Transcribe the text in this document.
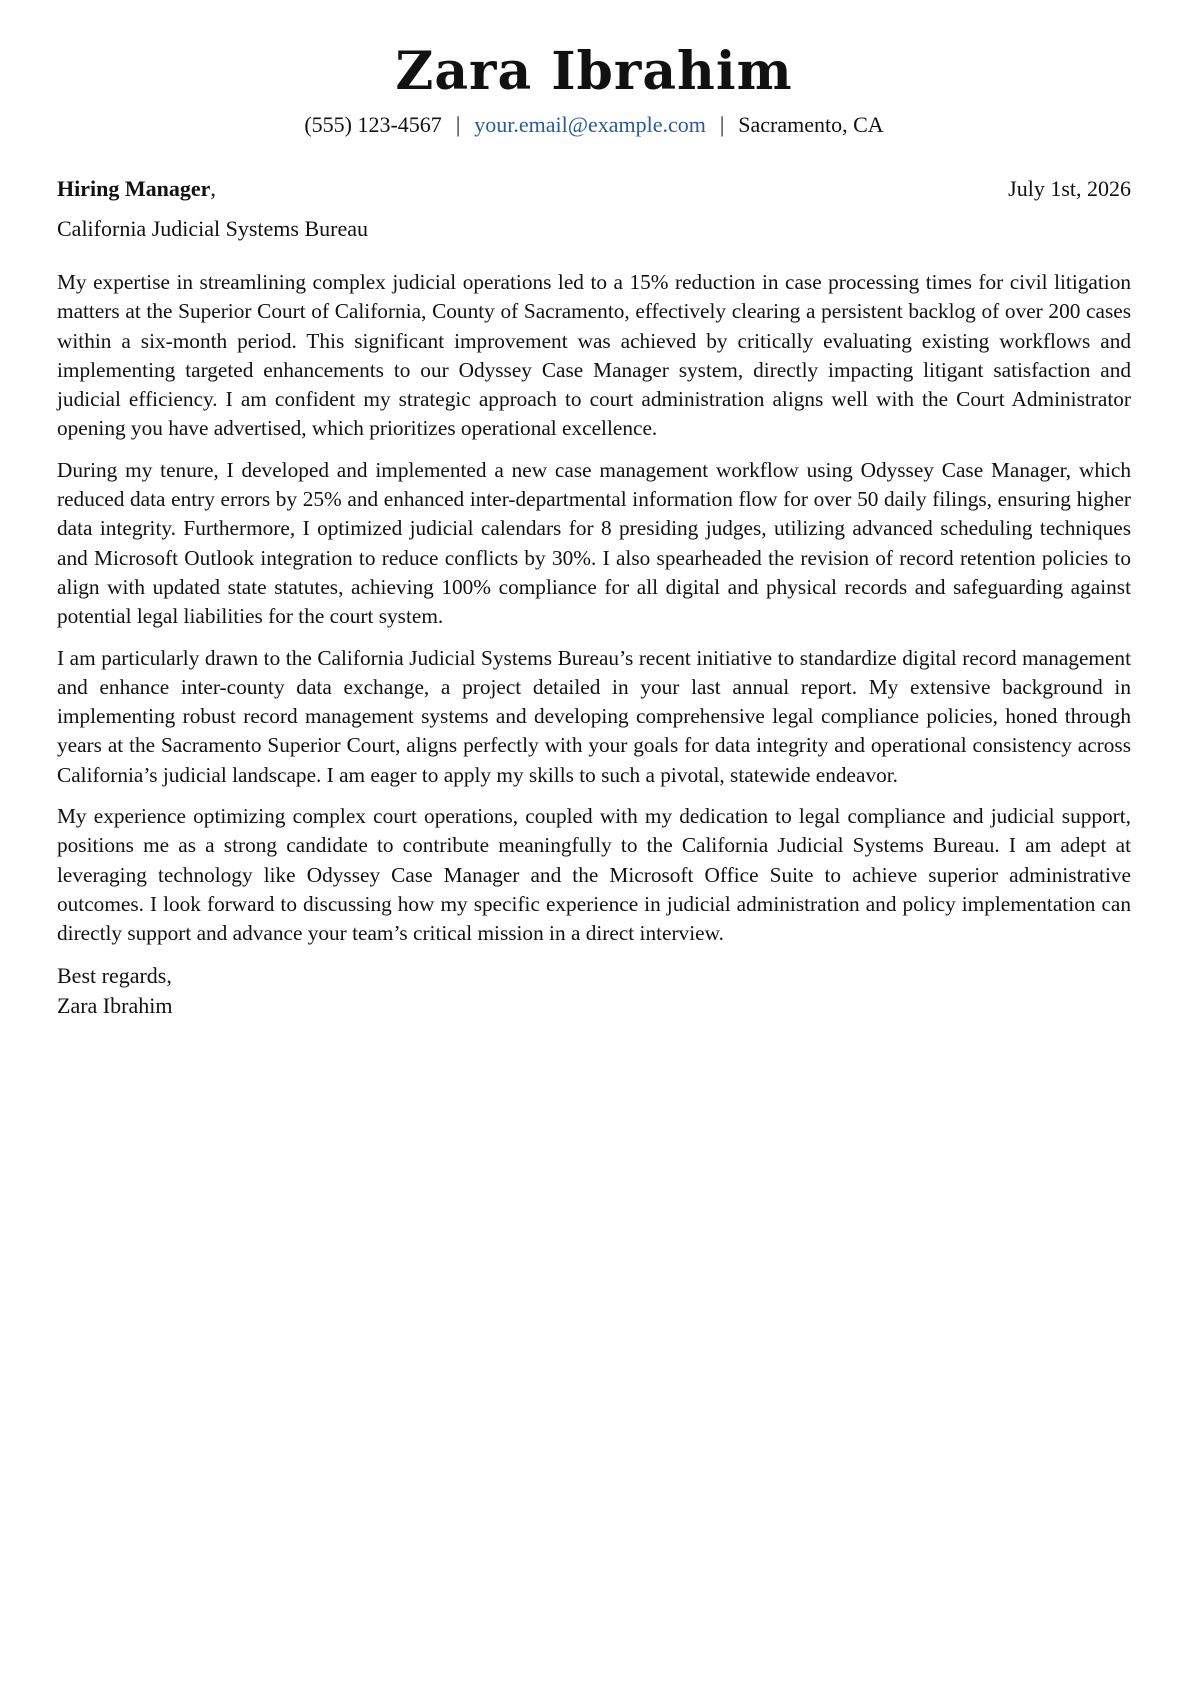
Zara Ibrahim
(555) 123-4567 | your.email@example.com | Sacramento, CA
Hiring Manager,	July 1st, 2026
California Judicial Systems Bureau

My expertise in streamlining complex judicial operations led to a 15% reduction in case processing times for civil litigation matters at the Superior Court of California, County of Sacramento, effectively clearing a persistent backlog of over 200 cases within a six-month period. This significant improvement was achieved by critically evaluating existing workflows and implementing targeted enhancements to our Odyssey Case Manager system, directly impacting litigant satisfaction and judicial efficiency. I am confident my strategic approach to court administration aligns well with the Court Administrator opening you have advertised, which prioritizes operational excellence.

During my tenure, I developed and implemented a new case management workflow using Odyssey Case Manager, which reduced data entry errors by 25% and enhanced inter-departmental information flow for over 50 daily filings, ensuring higher data integrity. Furthermore, I optimized judicial calendars for 8 presiding judges, utilizing advanced scheduling techniques and Microsoft Outlook integration to reduce conflicts by 30%. I also spearheaded the revision of record retention policies to align with updated state statutes, achieving 100% compliance for all digital and physical records and safeguarding against potential legal liabilities for the court system.

I am particularly drawn to the California Judicial Systems Bureau’s recent initiative to standardize digital record management and enhance inter-county data exchange, a project detailed in your last annual report. My extensive background in implementing robust record management systems and developing comprehensive legal compliance policies, honed through years at the Sacramento Superior Court, aligns perfectly with your goals for data integrity and operational consistency across California’s judicial landscape. I am eager to apply my skills to such a pivotal, statewide endeavor.

My experience optimizing complex court operations, coupled with my dedication to legal compliance and judicial support, positions me as a strong candidate to contribute meaningfully to the California Judicial Systems Bureau. I am adept at leveraging technology like Odyssey Case Manager and the Microsoft Office Suite to achieve superior administrative outcomes. I look forward to discussing how my specific experience in judicial administration and policy implementation can directly support and advance your team’s critical mission in a direct interview.

Best regards,
Zara Ibrahim
